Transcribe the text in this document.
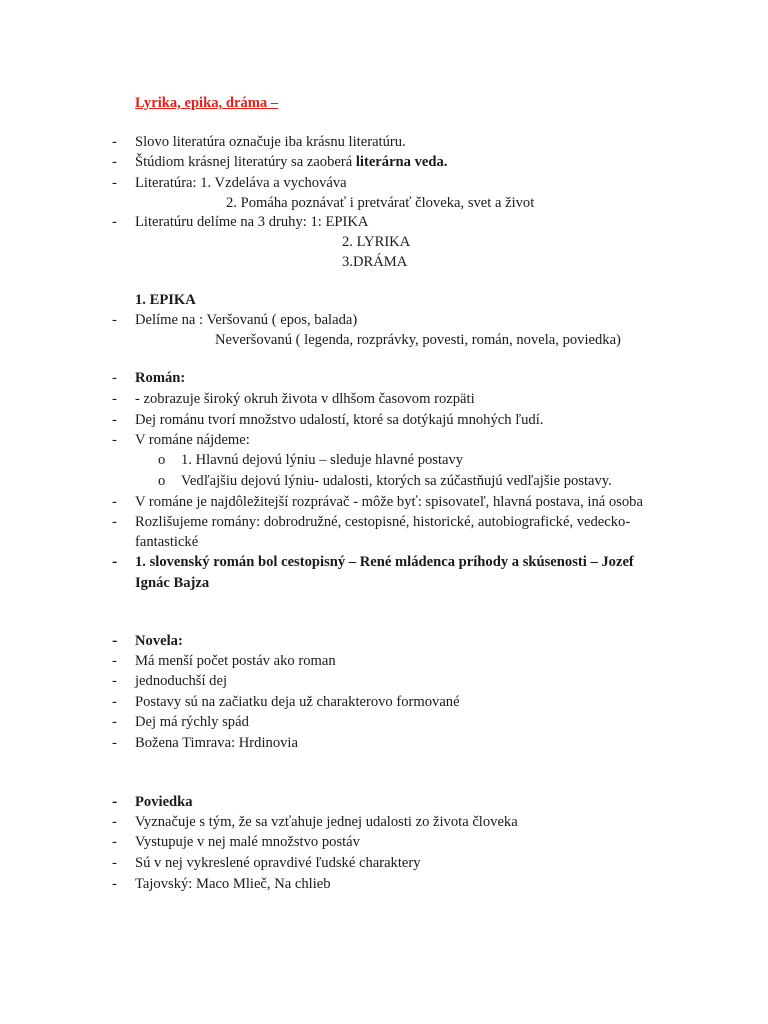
Lyrika, epika, dráma –
- Slovo literatúra označuje iba krásnu literatúru.
- Štúdiom krásnej literatúry sa zaoberá literárna veda.
- Literatúra: 1. Vzdeláva a vychováva
2. Pomáha poznávať i pretvárať človeka, svet a život
- Literatúru delíme na 3 druhy: 1: EPIKA
2. LYRIKA
3.DRÁMA
1. EPIKA
- Delíme na : Veršovanú ( epos, balada)
Neveršovanú ( legenda, rozprávky, povesti, román, novela, poviedka)
- Román:
- - zobrazuje široký okruh života v dlhšom časovom rozpäti
- Dej románu tvorí množstvo udalostí, ktoré sa dotýkajú mnohých ľudí.
- V románe nájdeme:
o 1. Hlavnú dejovú lýniu – sleduje hlavné postavy
o Vedľajšiu dejovú lýniu- udalosti, ktorých sa zúčastňujú vedľajšie postavy.
- V románe je najdôležitejší rozprávač - môže byť: spisovateľ, hlavná postava, iná osoba
- Rozlišujeme romány: dobrodružné, cestopisné, historické, autobiografické, vedecko-
fantastické
- 1. slovenský román bol cestopisný – René mládenca príhody a skúsenosti – Jozef
Ignác Bajza
- Novela:
- Má menší počet postáv ako roman
- jednoduchší dej
- Postavy sú na začiatku deja už charakterovo formované
- Dej má rýchly spád
- Božena Timrava: Hrdinovia
- Poviedka
- Vyznačuje s tým, že sa vzťahuje jednej udalosti zo života človeka
- Vystupuje v nej malé množstvo postáv
- Sú v nej vykreslené opravdivé ľudské charaktery
- Tajovský: Maco Mlieč, Na chlieb
